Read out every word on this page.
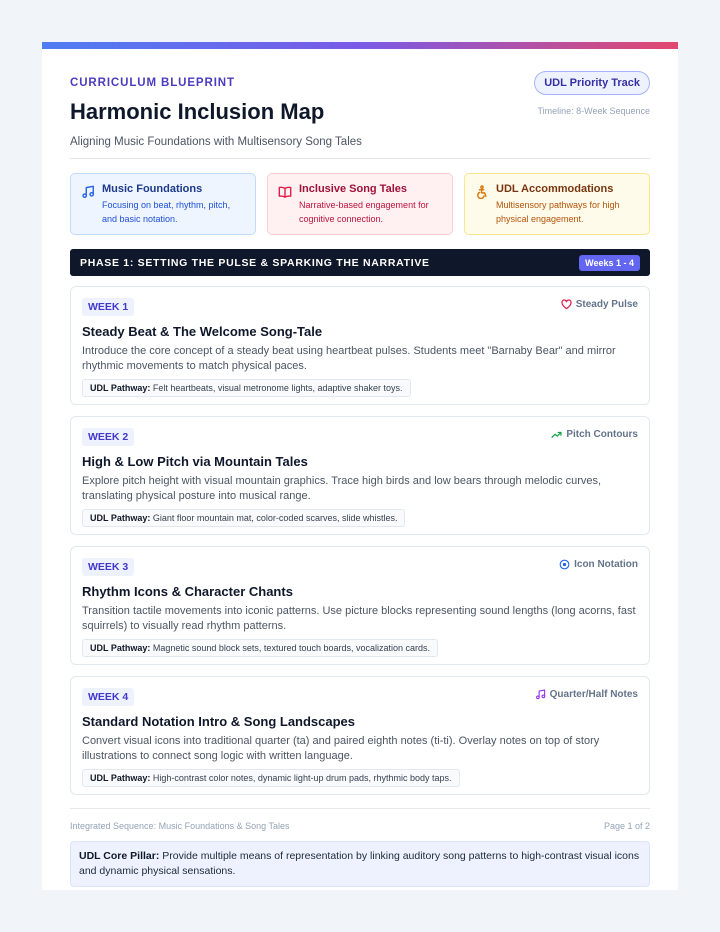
CURRICULUM BLUEPRINT
Harmonic Inclusion Map
Aligning Music Foundations with Multisensory Song Tales
UDL Priority Track
Timeline: 8-Week Sequence
Music Foundations
Focusing on beat, rhythm, pitch, and basic notation.
Inclusive Song Tales
Narrative-based engagement for cognitive connection.
UDL Accommodations
Multisensory pathways for high physical engagement.
PHASE 1: SETTING THE PULSE & SPARKING THE NARRATIVE	Weeks 1 - 4
WEEK 1	Steady Pulse
Steady Beat & The Welcome Song-Tale
Introduce the core concept of a steady beat using heartbeat pulses. Students meet "Barnaby Bear" and mirror rhythmic movements to match physical paces.
UDL Pathway: Felt heartbeats, visual metronome lights, adaptive shaker toys.
WEEK 2	Pitch Contours
High & Low Pitch via Mountain Tales
Explore pitch height with visual mountain graphics. Trace high birds and low bears through melodic curves, translating physical posture into musical range.
UDL Pathway: Giant floor mountain mat, color-coded scarves, slide whistles.
WEEK 3	Icon Notation
Rhythm Icons & Character Chants
Transition tactile movements into iconic patterns. Use picture blocks representing sound lengths (long acorns, fast squirrels) to visually read rhythm patterns.
UDL Pathway: Magnetic sound block sets, textured touch boards, vocalization cards.
WEEK 4	Quarter/Half Notes
Standard Notation Intro & Song Landscapes
Convert visual icons into traditional quarter (ta) and paired eighth notes (ti-ti). Overlay notes on top of story illustrations to connect song logic with written language.
UDL Pathway: High-contrast color notes, dynamic light-up drum pads, rhythmic body taps.
Integrated Sequence: Music Foundations & Song Tales	Page 1 of 2
UDL Core Pillar: Provide multiple means of representation by linking auditory song patterns to high-contrast visual icons and dynamic physical sensations.
